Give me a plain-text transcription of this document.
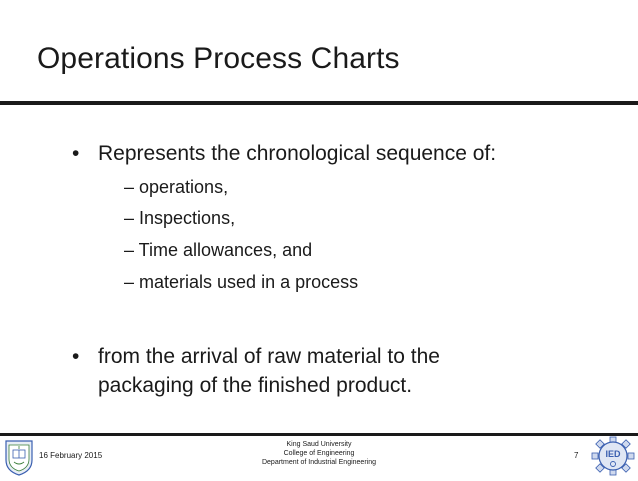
Operations Process Charts
• Represents the chronological sequence of:
– operations,
– Inspections,
– Time allowances, and
– materials used in a process
• from the arrival of raw material to the
packaging of the finished product.
16 February 2015
King Saud University
College of Engineering
Department of Industrial Engineering
7	IED
